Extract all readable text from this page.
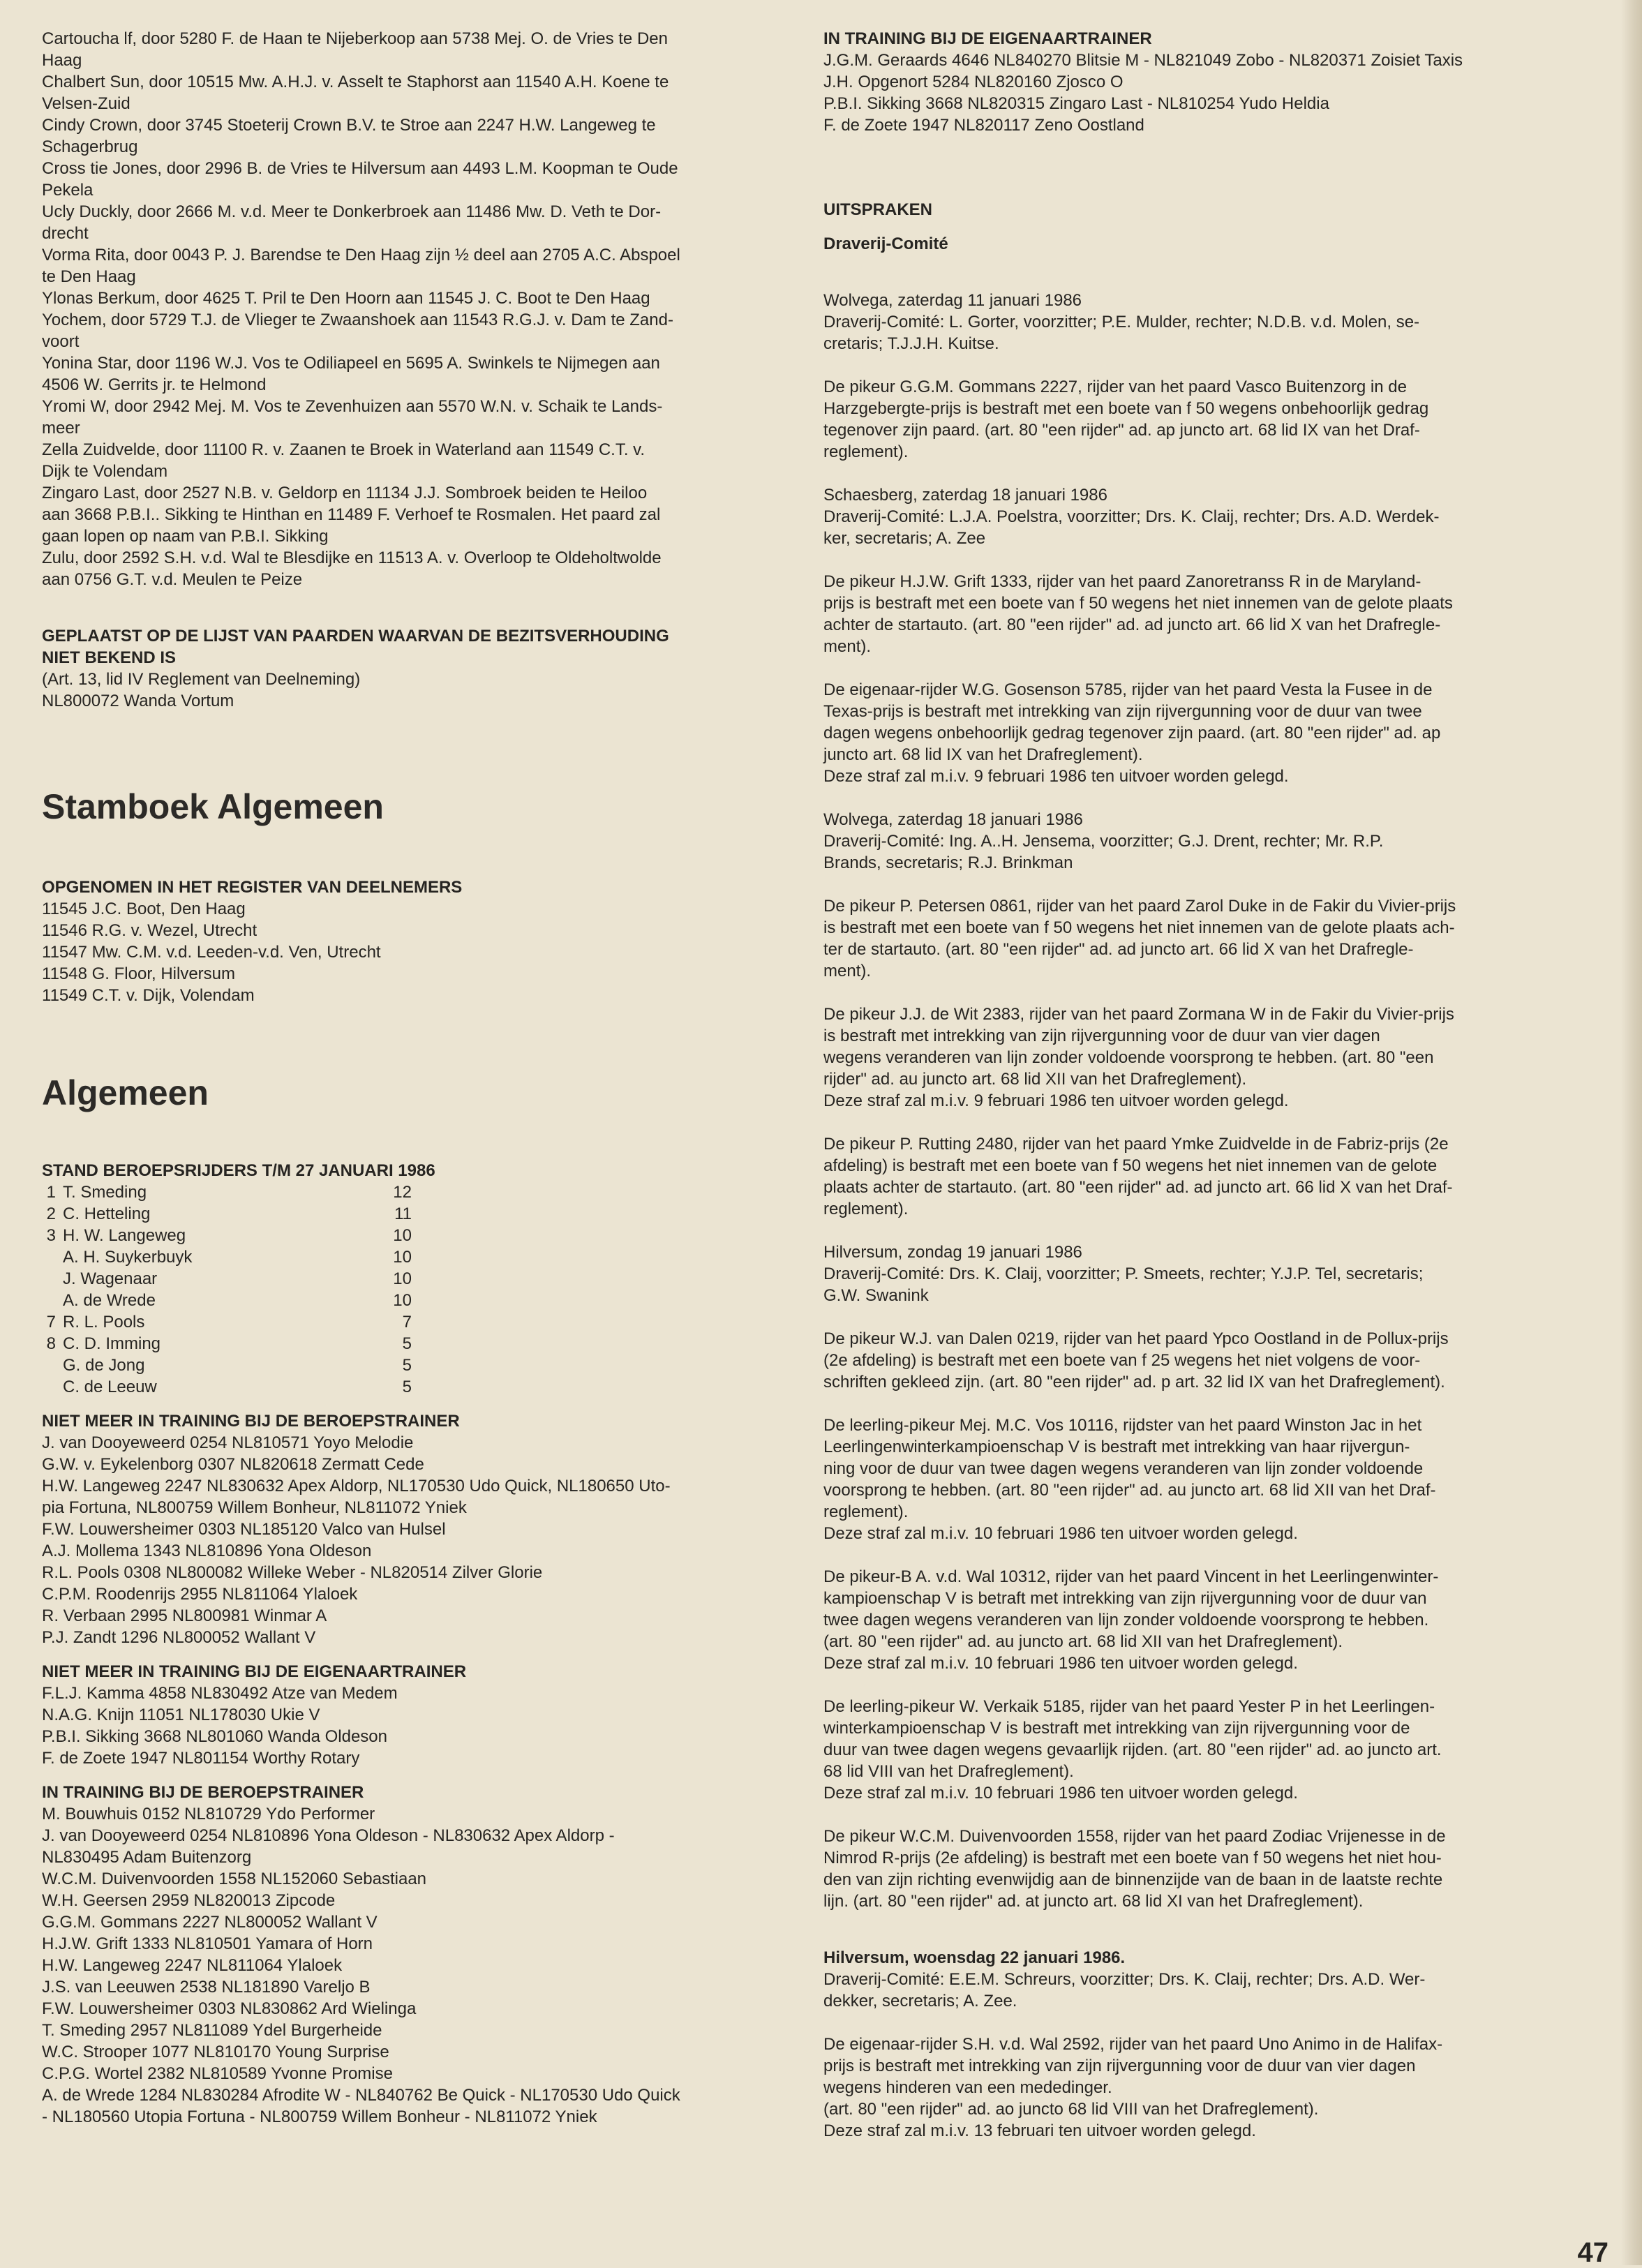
Cartoucha lf, door 5280 F. de Haan te Nijeberkoop aan 5738 Mej. O. de Vries te Den
Haag

Chalbert Sun, door 10515 Mw. A.H.J. v. Asselt te Staphorst aan 11540 A.H. Koene te
Velsen-Zuid

Cindy Crown, door 3745 Stoeterij Crown B.V. te Stroe aan 2247 H.W. Langeweg te
Schagerbrug

Cross tie Jones, door 2996 B. de Vries te Hilversum aan 4493 L.M. Koopman te Oude
Pekela

Ucly Duckly, door 2666 M. v.d. Meer te Donkerbroek aan 11486 Mw. D. Veth te Dor-
drecht

Vorma Rita, door 0043 P. J. Barendse te Den Haag zijn ½ deel aan 2705 A.C. Abspoel
te Den Haag

Ylonas Berkum, door 4625 T. Pril te Den Hoorn aan 11545 J. C. Boot te Den Haag

Yochem, door 5729 T.J. de Vlieger te Zwaanshoek aan 11543 R.G.J. v. Dam te Zand-
voort

Yonina Star, door 1196 W.J. Vos te Odiliapeel en 5695 A. Swinkels te Nijmegen aan
4506 W. Gerrits jr. te Helmond

Yromi W, door 2942 Mej. M. Vos te Zevenhuizen aan 5570 W.N. v. Schaik te Lands-
meer

Zella Zuidvelde, door 11100 R. v. Zaanen te Broek in Waterland aan 11549 C.T. v.
Dijk te Volendam

Zingaro Last, door 2527 N.B. v. Geldorp en 11134 J.J. Sombroek beiden te Heiloo
aan 3668 P.B.I.. Sikking te Hinthan en 11489 F. Verhoef te Rosmalen. Het paard zal
gaan lopen op naam van P.B.I. Sikking

Zulu, door 2592 S.H. v.d. Wal te Blesdijke en 11513 A. v. Overloop te Oldeholtwolde
aan 0756 G.T. v.d. Meulen te Peize

GEPLAATST OP DE LIJST VAN PAARDEN WAARVAN DE BEZITSVERHOUDING
NIET BEKEND IS

(Art. 13, lid IV Reglement van Deelneming)
NL800072 Wanda Vortum

Stamboek Algemeen

OPGENOMEN IN HET REGISTER VAN DEELNEMERS

11545 J.C. Boot, Den Haag
11546 R.G. v. Wezel, Utrecht
11547 Mw. C.M. v.d. Leeden-v.d. Ven, Utrecht
11548 G. Floor, Hilversum
11549 C.T. v. Dijk, Volendam

Algemeen

STAND BEROEPSRIJDERS T/M 27 JANUARI 1986

1	T. Smeding	12
2	C. Hetteling	11
3	H. W. Langeweg	10
	A. H. Suykerbuyk	10
	J. Wagenaar	10
	A. de Wrede	10
7	R. L. Pools	7
8	C. D. Imming	5
	G. de Jong	5
	C. de Leeuw	5

NIET MEER IN TRAINING BIJ DE BEROEPSTRAINER

J. van Dooyeweerd 0254 NL810571 Yoyo Melodie
G.W. v. Eykelenborg 0307 NL820618 Zermatt Cede
H.W. Langeweg 2247 NL830632 Apex Aldorp, NL170530 Udo Quick, NL180650 Uto-
pia Fortuna, NL800759 Willem Bonheur, NL811072 Yniek
F.W. Louwersheimer 0303 NL185120 Valco van Hulsel
A.J. Mollema 1343 NL810896 Yona Oldeson
R.L. Pools 0308 NL800082 Willeke Weber - NL820514 Zilver Glorie
C.P.M. Roodenrijs 2955 NL811064 Ylaloek
R. Verbaan 2995 NL800981 Winmar A
P.J. Zandt 1296 NL800052 Wallant V

NIET MEER IN TRAINING BIJ DE EIGENAARTRAINER

F.L.J. Kamma 4858 NL830492 Atze van Medem
N.A.G. Knijn 11051 NL178030 Ukie V
P.B.I. Sikking 3668 NL801060 Wanda Oldeson
F. de Zoete 1947 NL801154 Worthy Rotary

IN TRAINING BIJ DE BEROEPSTRAINER

M. Bouwhuis 0152 NL810729 Ydo Performer
J. van Dooyeweerd 0254 NL810896 Yona Oldeson - NL830632 Apex Aldorp -
NL830495 Adam Buitenzorg
W.C.M. Duivenvoorden 1558 NL152060 Sebastiaan
W.H. Geersen 2959 NL820013 Zipcode
G.G.M. Gommans 2227 NL800052 Wallant V
H.J.W. Grift 1333 NL810501 Yamara of Horn
H.W. Langeweg 2247 NL811064 Ylaloek
J.S. van Leeuwen 2538 NL181890 Vareljo B
F.W. Louwersheimer 0303 NL830862 Ard Wielinga
T. Smeding 2957 NL811089 Ydel Burgerheide
W.C. Strooper 1077 NL810170 Young Surprise
C.P.G. Wortel 2382 NL810589 Yvonne Promise
A. de Wrede 1284 NL830284 Afrodite W - NL840762 Be Quick - NL170530 Udo Quick
- NL180560 Utopia Fortuna - NL800759 Willem Bonheur - NL811072 Yniek

IN TRAINING BIJ DE EIGENAARTRAINER

J.G.M. Geraards 4646 NL840270 Blitsie M - NL821049 Zobo - NL820371 Zoisiet Taxis
J.H. Opgenort 5284 NL820160 Zjosco O
P.B.I. Sikking 3668 NL820315 Zingaro Last - NL810254 Yudo Heldia
F. de Zoete 1947 NL820117 Zeno Oostland

UITSPRAKEN

Draverij-Comité

Wolvega, zaterdag 11 januari 1986
Draverij-Comité: L. Gorter, voorzitter; P.E. Mulder, rechter; N.D.B. v.d. Molen, se-
cretaris; T.J.J.H. Kuitse.

De pikeur G.G.M. Gommans 2227, rijder van het paard Vasco Buitenzorg in de
Harzgebergte-prijs is bestraft met een boete van f 50 wegens onbehoorlijk gedrag
tegenover zijn paard. (art. 80 "een rijder" ad. ap juncto art. 68 lid IX van het Draf-
reglement).

Schaesberg, zaterdag 18 januari 1986
Draverij-Comité: L.J.A. Poelstra, voorzitter; Drs. K. Claij, rechter; Drs. A.D. Werdek-
ker, secretaris; A. Zee

De pikeur H.J.W. Grift 1333, rijder van het paard Zanoretranss R in de Maryland-
prijs is bestraft met een boete van f 50 wegens het niet innemen van de gelote plaats
achter de startauto. (art. 80 "een rijder" ad. ad juncto art. 66 lid X van het Drafregle-
ment).

De eigenaar-rijder W.G. Gosenson 5785, rijder van het paard Vesta la Fusee in de
Texas-prijs is bestraft met intrekking van zijn rijvergunning voor de duur van twee
dagen wegens onbehoorlijk gedrag tegenover zijn paard. (art. 80 "een rijder" ad. ap
juncto art. 68 lid IX van het Drafreglement).
Deze straf zal m.i.v. 9 februari 1986 ten uitvoer worden gelegd.

Wolvega, zaterdag 18 januari 1986
Draverij-Comité: Ing. A..H. Jensema, voorzitter; G.J. Drent, rechter; Mr. R.P.
Brands, secretaris; R.J. Brinkman

De pikeur P. Petersen 0861, rijder van het paard Zarol Duke in de Fakir du Vivier-prijs
is bestraft met een boete van f 50 wegens het niet innemen van de gelote plaats ach-
ter de startauto. (art. 80 "een rijder" ad. ad juncto art. 66 lid X van het Drafregle-
ment).

De pikeur J.J. de Wit 2383, rijder van het paard Zormana W in de Fakir du Vivier-prijs
is bestraft met intrekking van zijn rijvergunning voor de duur van vier dagen
wegens veranderen van lijn zonder voldoende voorsprong te hebben. (art. 80 "een
rijder" ad. au juncto art. 68 lid XII van het Drafreglement).
Deze straf zal m.i.v. 9 februari 1986 ten uitvoer worden gelegd.

De pikeur P. Rutting 2480, rijder van het paard Ymke Zuidvelde in de Fabriz-prijs (2e
afdeling) is bestraft met een boete van f 50 wegens het niet innemen van de gelote
plaats achter de startauto. (art. 80 "een rijder" ad. ad juncto art. 66 lid X van het Draf-
reglement).

Hilversum, zondag 19 januari 1986
Draverij-Comité: Drs. K. Claij, voorzitter; P. Smeets, rechter; Y.J.P. Tel, secretaris;
G.W. Swanink

De pikeur W.J. van Dalen 0219, rijder van het paard Ypco Oostland in de Pollux-prijs
(2e afdeling) is bestraft met een boete van f 25 wegens het niet volgens de voor-
schriften gekleed zijn. (art. 80 "een rijder" ad. p art. 32 lid IX van het Drafreglement).

De leerling-pikeur Mej. M.C. Vos 10116, rijdster van het paard Winston Jac in het
Leerlingenwinterkampioenschap V is bestraft met intrekking van haar rijvergun-
ning voor de duur van twee dagen wegens veranderen van lijn zonder voldoende
voorsprong te hebben. (art. 80 "een rijder" ad. au juncto art. 68 lid XII van het Draf-
reglement).
Deze straf zal m.i.v. 10 februari 1986 ten uitvoer worden gelegd.

De pikeur-B A. v.d. Wal 10312, rijder van het paard Vincent in het Leerlingenwinter-
kampioenschap V is betraft met intrekking van zijn rijvergunning voor de duur van
twee dagen wegens veranderen van lijn zonder voldoende voorsprong te hebben.
(art. 80 "een rijder" ad. au juncto art. 68 lid XII van het Drafreglement).
Deze straf zal m.i.v. 10 februari 1986 ten uitvoer worden gelegd.

De leerling-pikeur W. Verkaik 5185, rijder van het paard Yester P in het Leerlingen-
winterkampioenschap V is bestraft met intrekking van zijn rijvergunning voor de
duur van twee dagen wegens gevaarlijk rijden. (art. 80 "een rijder" ad. ao juncto art.
68 lid VIII van het Drafreglement).
Deze straf zal m.i.v. 10 februari 1986 ten uitvoer worden gelegd.

De pikeur W.C.M. Duivenvoorden 1558, rijder van het paard Zodiac Vrijenesse in de
Nimrod R-prijs (2e afdeling) is bestraft met een boete van f 50 wegens het niet hou-
den van zijn richting evenwijdig aan de binnenzijde van de baan in de laatste rechte
lijn. (art. 80 "een rijder" ad. at juncto art. 68 lid XI van het Drafreglement).

Hilversum, woensdag 22 januari 1986.

Draverij-Comité: E.E.M. Schreurs, voorzitter; Drs. K. Claij, rechter; Drs. A.D. Wer-
dekker, secretaris; A. Zee.

De eigenaar-rijder S.H. v.d. Wal 2592, rijder van het paard Uno Animo in de Halifax-
prijs is bestraft met intrekking van zijn rijvergunning voor de duur van vier dagen
wegens hinderen van een mededinger.
(art. 80 "een rijder" ad. ao juncto 68 lid VIII van het Drafreglement).
Deze straf zal m.i.v. 13 februari ten uitvoer worden gelegd.

47
